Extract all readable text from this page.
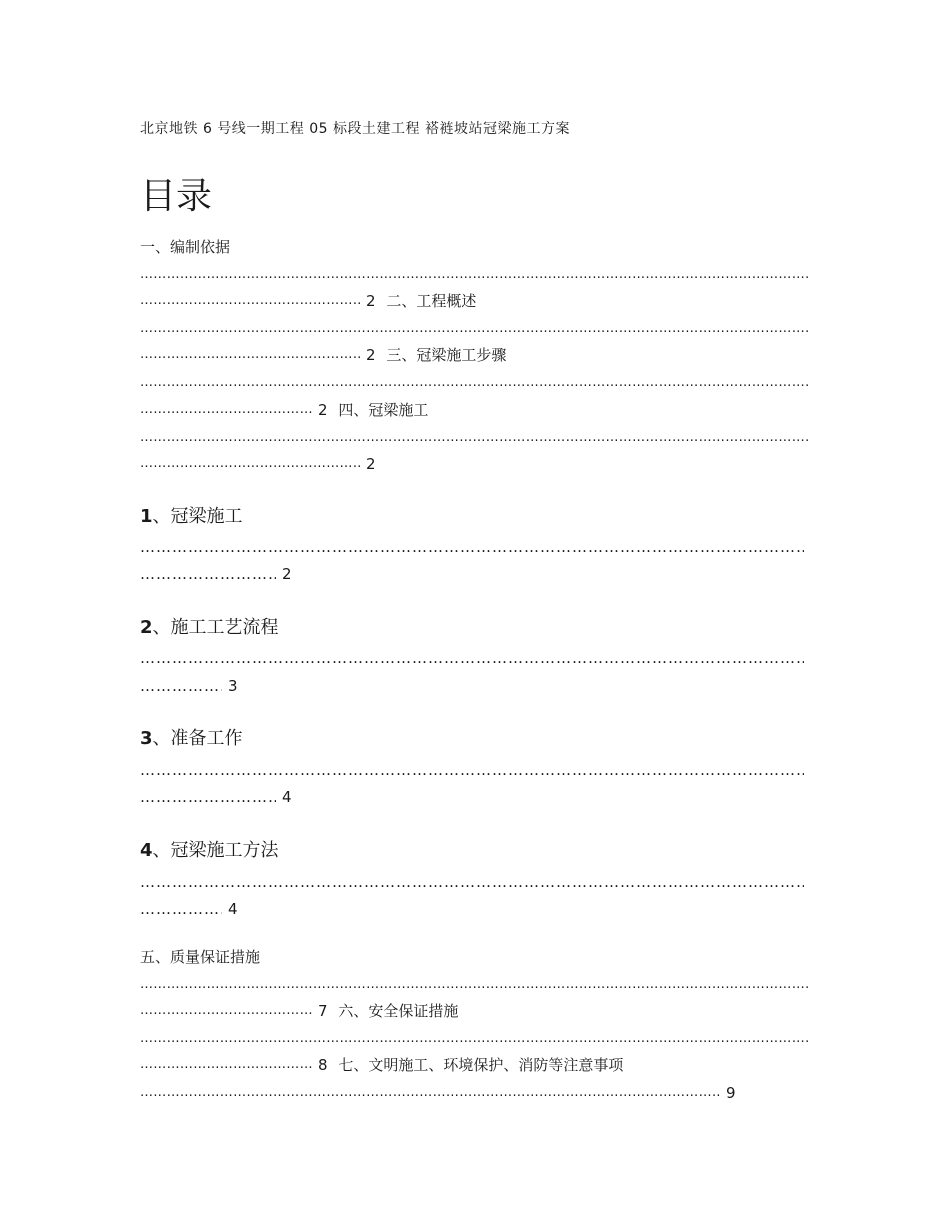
北京地铁 6 号线一期工程 05 标段土建工程 褡裢坡站冠梁施工方案
目录
一、编制依据
…………………………………………………………………………………………………………………………………………………………………………………………………………………………………………………………
…………………………………………………………………………………………………………………………………………………………………………………………………………………………………………………………2 二、工程概述
…………………………………………………………………………………………………………………………………………………………………………………………………………………………………………………………
…………………………………………………………………………………………………………………………………………………………………………………………………………………………………………………………2 三、冠梁施工步骤
…………………………………………………………………………………………………………………………………………………………………………………………………………………………………………………………
…………………………………………………………………………………………………………………………………………………………………………………………………………………………………………………………2 四、冠梁施工
…………………………………………………………………………………………………………………………………………………………………………………………………………………………………………………………
…………………………………………………………………………………………………………………………………………………………………………………………………………………………………………………………2
1、冠梁施工
…………………………………………………………………………………………………………………………………………………………………………………………………………………………………………………………
…………………………………………………………………………………………………………………………………………………………………………………………………………………………………………………………2
2、施工工艺流程
…………………………………………………………………………………………………………………………………………………………………………………………………………………………………………………………
…………………………………………………………………………………………………………………………………………………………………………………………………………………………………………………………3
3、准备工作
…………………………………………………………………………………………………………………………………………………………………………………………………………………………………………………………
…………………………………………………………………………………………………………………………………………………………………………………………………………………………………………………………4
4、冠梁施工方法
…………………………………………………………………………………………………………………………………………………………………………………………………………………………………………………………
…………………………………………………………………………………………………………………………………………………………………………………………………………………………………………………………4
五、质量保证措施
…………………………………………………………………………………………………………………………………………………………………………………………………………………………………………………………
…………………………………………………………………………………………………………………………………………………………………………………………………………………………………………………………7 六、安全保证措施
…………………………………………………………………………………………………………………………………………………………………………………………………………………………………………………………
…………………………………………………………………………………………………………………………………………………………………………………………………………………………………………………………8 七、文明施工、环境保护、消防等注意事项
…………………………………………………………………………………………………………………………………………………………………………………………………………………………………………………………9
